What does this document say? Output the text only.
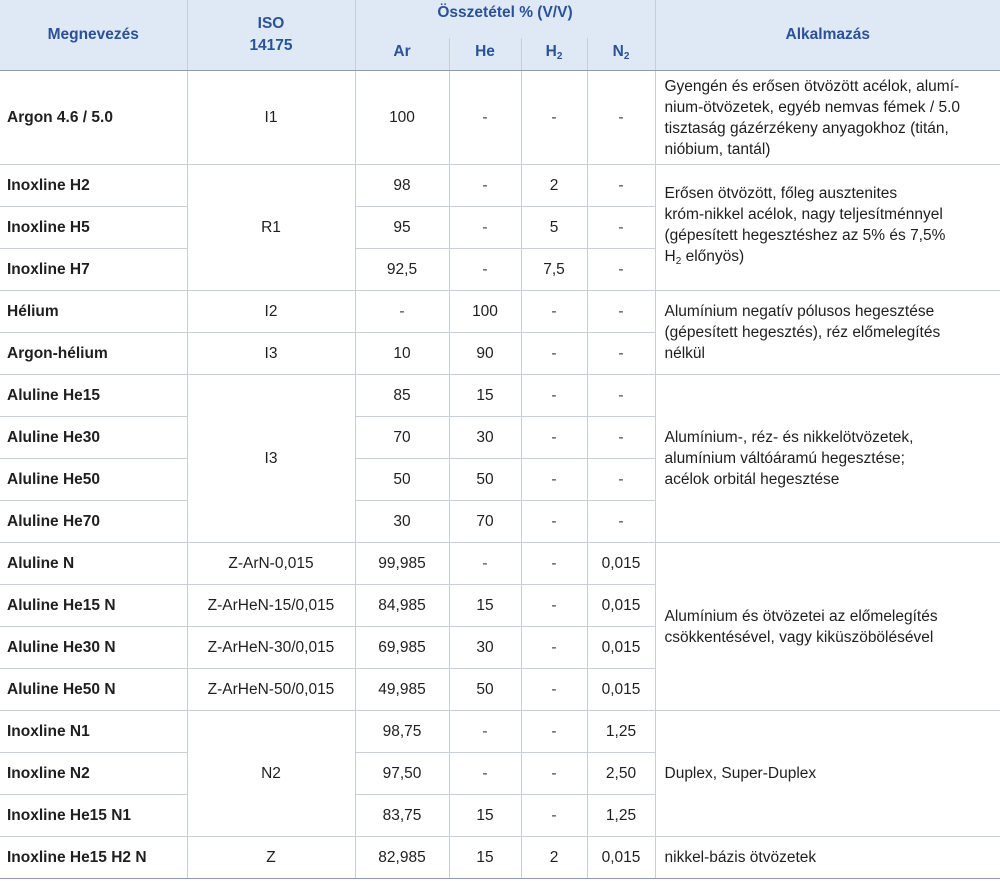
Megnevezés	ISO
14175	Összetétel % (V/V)				Alkalmazás
		Ar	He	$H_2$	$N_2$
Argon 4.6 / 5.0	I1	100	-	-	-	Gyengén és erősen ötvözött acélok, alumí-
nium-ötvözetek, egyéb nemvas fémek / 5.0
tisztaság gázérzékeny anyagokhoz (titán,
nióbium, tantál)
Inoxline H2	R1	98	-	2	-	Erősen ötvözött, főleg ausztenites
króm-nikkel acélok, nagy teljesítménnyel
(gépesített hegesztéshez az 5% és 7,5%
$H_2$ előnyös)
Inoxline H5		95	-	5	-	
Inoxline H7		92,5	-	7,5	-	
Hélium	I2	-	100	-	-	Alumínium negatív pólusos hegesztése
(gépesített hegesztés), réz előmelegítés
nélkül
Argon-hélium	I3	10	90	-	-	
Aluline He15	I3	85	15	-	-	Alumínium-, réz- és nikkelötvözetek,
alumínium váltóáramú hegesztése;
acélok orbitál hegesztése
Aluline He30		70	30	-	-	
Aluline He50		50	50	-	-	
Aluline He70		30	70	-	-	
Aluline N	Z-ArN-0,015	99,985	-	-	0,015	Alumínium és ötvözetei az előmelegítés
csökkentésével, vagy kiküszöbölésével
Aluline He15 N	Z-ArHeN-15/0,015	84,985	15	-	0,015	
Aluline He30 N	Z-ArHeN-30/0,015	69,985	30	-	0,015	
Aluline He50 N	Z-ArHeN-50/0,015	49,985	50	-	0,015	
Inoxline N1	N2	98,75	-	-	1,25	Duplex, Super-Duplex
Inoxline N2		97,50	-	-	2,50	
Inoxline He15 N1		83,75	15	-	1,25	
Inoxline He15 H2 N	Z	82,985	15	2	0,015	nikkel-bázis ötvözetek
